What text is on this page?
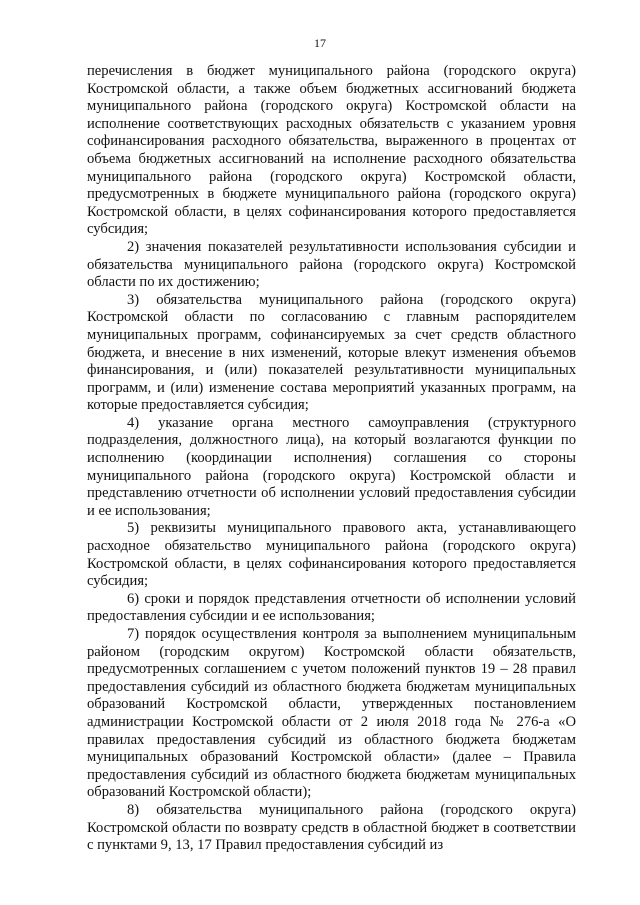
17

перечисления в бюджет муниципального района (городского округа) Костромской области, а также объем бюджетных ассигнований бюджета муниципального района (городского округа) Костромской области на исполнение соответствующих расходных обязательств с указанием уровня софинансирования расходного обязательства, выраженного в процентах от объема бюджетных ассигнований на исполнение расходного обязательства муниципального района (городского округа) Костромской области, предусмотренных в бюджете муниципального района (городского округа) Костромской области, в целях софинансирования которого предоставляется субсидия;

2) значения показателей результативности использования субсидии и обязательства муниципального района (городского округа) Костромской области по их достижению;

3) обязательства муниципального района (городского округа) Костромской области по согласованию с главным распорядителем муниципальных программ, софинансируемых за счет средств областного бюджета, и внесение в них изменений, которые влекут изменения объемов финансирования, и (или) показателей результативности муниципальных программ, и (или) изменение состава мероприятий указанных программ, на которые предоставляется субсидия;

4) указание органа местного самоуправления (структурного подразделения, должностного лица), на который возлагаются функции по исполнению (координации исполнения) соглашения со стороны муниципального района (городского округа) Костромской области и представлению отчетности об исполнении условий предоставления субсидии и ее использования;

5) реквизиты муниципального правового акта, устанавливающего расходное обязательство муниципального района (городского округа) Костромской области, в целях софинансирования которого предоставляется субсидия;

6) сроки и порядок представления отчетности об исполнении условий предоставления субсидии и ее использования;

7) порядок осуществления контроля за выполнением муниципальным районом (городским округом) Костромской области обязательств, предусмотренных соглашением с учетом положений пунктов 19 – 28 правил предоставления субсидий из областного бюджета бюджетам муниципальных образований Костромской области, утвержденных постановлением администрации Костромской области от 2 июля 2018 года № 276-а «О правилах предоставления субсидий из областного бюджета бюджетам муниципальных образований Костромской области» (далее – Правила предоставления субсидий из областного бюджета бюджетам муниципальных образований Костромской области);

8) обязательства муниципального района (городского округа) Костромской области по возврату средств в областной бюджет в соответствии с пунктами 9, 13, 17 Правил предоставления субсидий из
